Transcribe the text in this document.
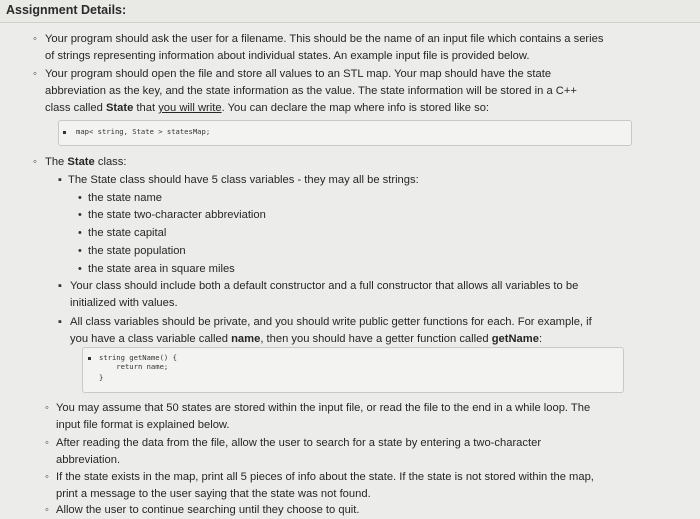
Assignment Details:
◦ Your program should ask the user for a filename. This should be the name of an input file which contains a series
of strings representing information about individual states. An example input file is provided below.
◦ Your program should open the file and store all values to an STL map. Your map should have the state
abbreviation as the key, and the state information as the value. The state information will be stored in a C++
class called State that you will write. You can declare the map where info is stored like so:
map< string, State > statesMap;
◦ The State class:
▪ The State class should have 5 class variables - they may all be strings:
• the state name
• the state two-character abbreviation
• the state capital
• the state population
• the state area in square miles
▪ Your class should include both a default constructor and a full constructor that allows all variables to be
initialized with values.
▪ All class variables should be private, and you should write public getter functions for each. For example, if
you have a class variable called name, then you should have a getter function called getName:
string getName() {
return name;
}
◦ You may assume that 50 states are stored within the input file, or read the file to the end in a while loop. The
input file format is explained below.
◦ After reading the data from the file, allow the user to search for a state by entering a two-character
abbreviation.
◦ If the state exists in the map, print all 5 pieces of info about the state. If the state is not stored within the map,
print a message to the user saying that the state was not found.
◦ Allow the user to continue searching until they choose to quit.
